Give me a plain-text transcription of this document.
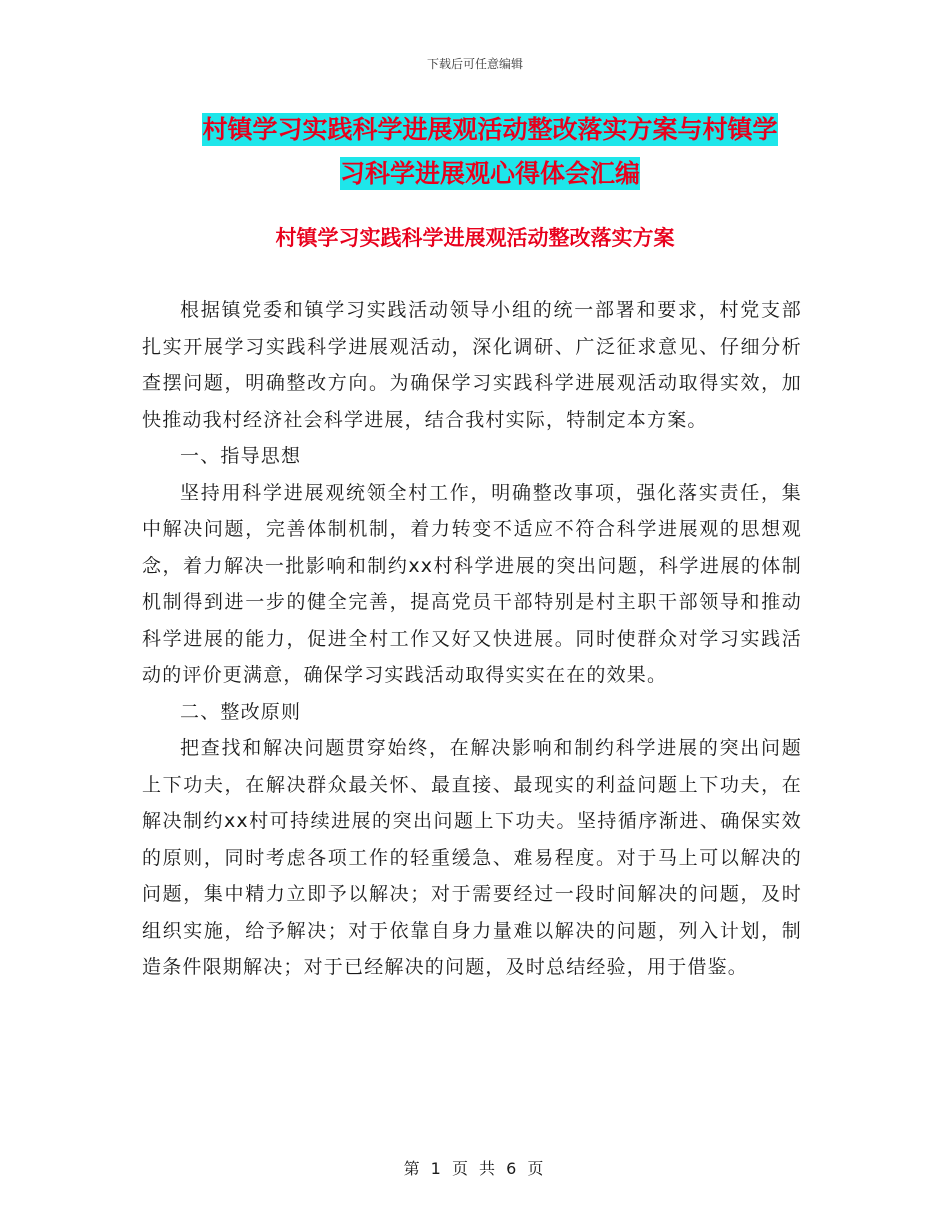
下载后可任意编辑
村镇学习实践科学进展观活动整改落实方案与村镇学
习科学进展观心得体会汇编
村镇学习实践科学进展观活动整改落实方案

根据镇党委和镇学习实践活动领导小组的统一部署和要求，村党支部扎实开展学习实践科学进展观活动，深化调研、广泛征求意见、仔细分析查摆问题，明确整改方向。为确保学习实践科学进展观活动取得实效，加快推动我村经济社会科学进展，结合我村实际，特制定本方案。

一、指导思想

坚持用科学进展观统领全村工作，明确整改事项，强化落实责任，集中解决问题，完善体制机制，着力转变不适应不符合科学进展观的思想观念，着力解决一批影响和制约xx村科学进展的突出问题，科学进展的体制机制得到进一步的健全完善，提高党员干部特别是村主职干部领导和推动科学进展的能力，促进全村工作又好又快进展。同时使群众对学习实践活动的评价更满意，确保学习实践活动取得实实在在的效果。

二、整改原则

把查找和解决问题贯穿始终，在解决影响和制约科学进展的突出问题上下功夫，在解决群众最关怀、最直接、最现实的利益问题上下功夫，在解决制约xx村可持续进展的突出问题上下功夫。坚持循序渐进、确保实效的原则，同时考虑各项工作的轻重缓急、难易程度。对于马上可以解决的问题，集中精力立即予以解决；对于需要经过一段时间解决的问题，及时组织实施，给予解决；对于依靠自身力量难以解决的问题，列入计划，制造条件限期解决；对于已经解决的问题，及时总结经验，用于借鉴。

第 1 页 共 6 页
